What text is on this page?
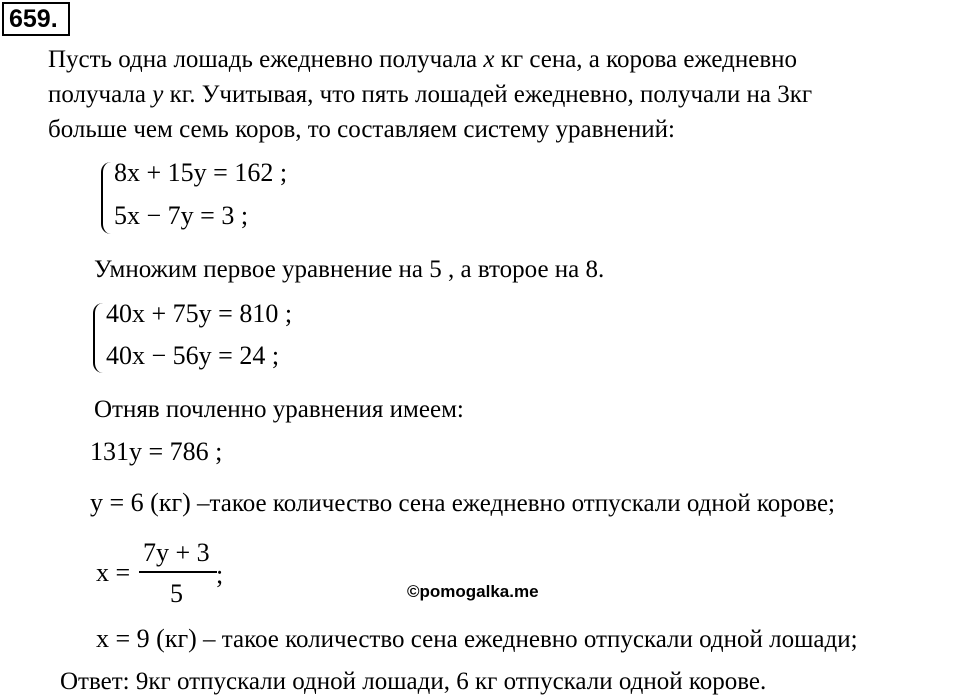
659.
Пусть одна лошадь ежедневно получала x кг сена, а корова ежедневно
получала y кг. Учитывая, что пять лошадей ежедневно, получали на 3кг
больше чем семь коров, то составляем систему уравнений:
8x + 15y = 162 ;
5x − 7y = 3 ;
Умножим первое уравнение на 5 , а второе на 8.
40x + 75y = 810 ;
40x − 56y = 24 ;
Отняв почленно уравнения имеем:
131y = 786 ;
y = 6 (кг) –такое количество сена ежедневно отпускали одной корове;
x =
7y + 3
5
;
©pomogalka.me
x = 9 (кг) – такое количество сена ежедневно отпускали одной лошади;
Ответ: 9кг отпускали одной лошади, 6 кг отпускали одной корове.
